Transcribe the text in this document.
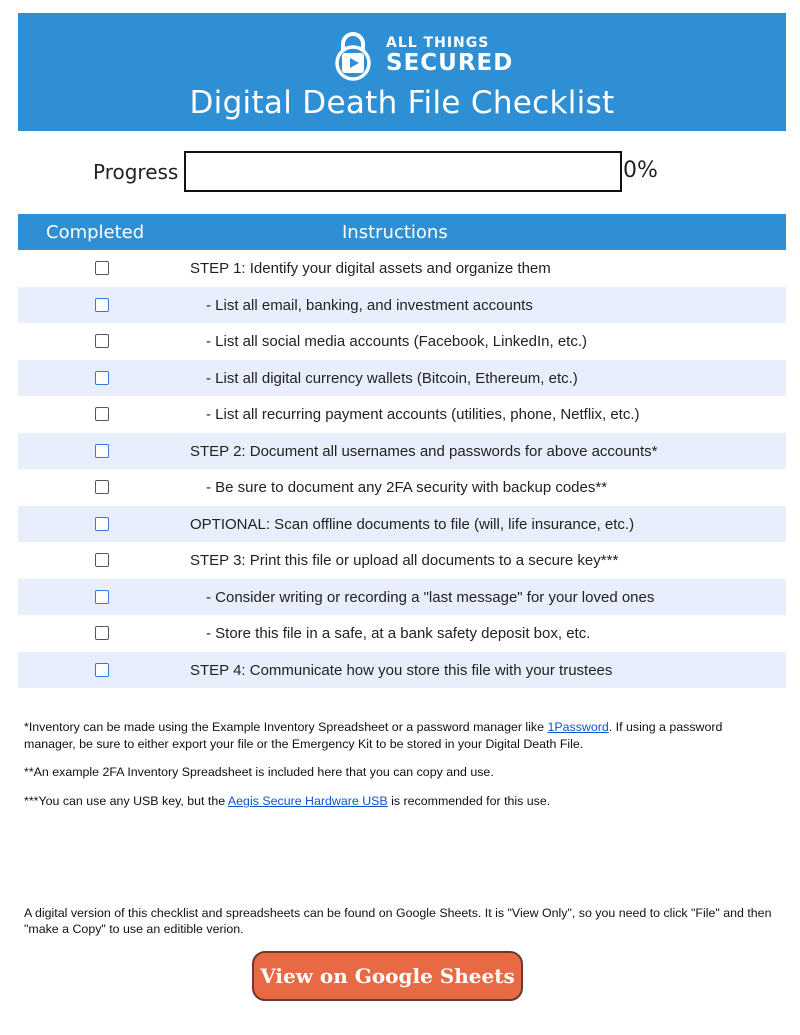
ALL THINGS
SECURED
Digital Death File Checklist
Progress	0%
Completed	Instructions
STEP 1: Identify your digital assets and organize them
- List all email, banking, and investment accounts
- List all social media accounts (Facebook, LinkedIn, etc.)
- List all digital currency wallets (Bitcoin, Ethereum, etc.)
- List all recurring payment accounts (utilities, phone, Netflix, etc.)
STEP 2: Document all usernames and passwords for above accounts*
- Be sure to document any 2FA security with backup codes**
OPTIONAL: Scan offline documents to file (will, life insurance, etc.)
STEP 3: Print this file or upload all documents to a secure key***
- Consider writing or recording a "last message" for your loved ones
- Store this file in a safe, at a bank safety deposit box, etc.
STEP 4: Communicate how you store this file with your trustees

*Inventory can be made using the Example Inventory Spreadsheet or a password manager like 1Password. If using a password manager, be sure to either export your file or the Emergency Kit to be stored in your Digital Death File.

**An example 2FA Inventory Spreadsheet is included here that you can copy and use.

***You can use any USB key, but the Aegis Secure Hardware USB is recommended for this use.

A digital version of this checklist and spreadsheets can be found on Google Sheets. It is "View Only", so you need to click "File" and then "make a Copy" to use an editible verion.
View on Google Sheets
